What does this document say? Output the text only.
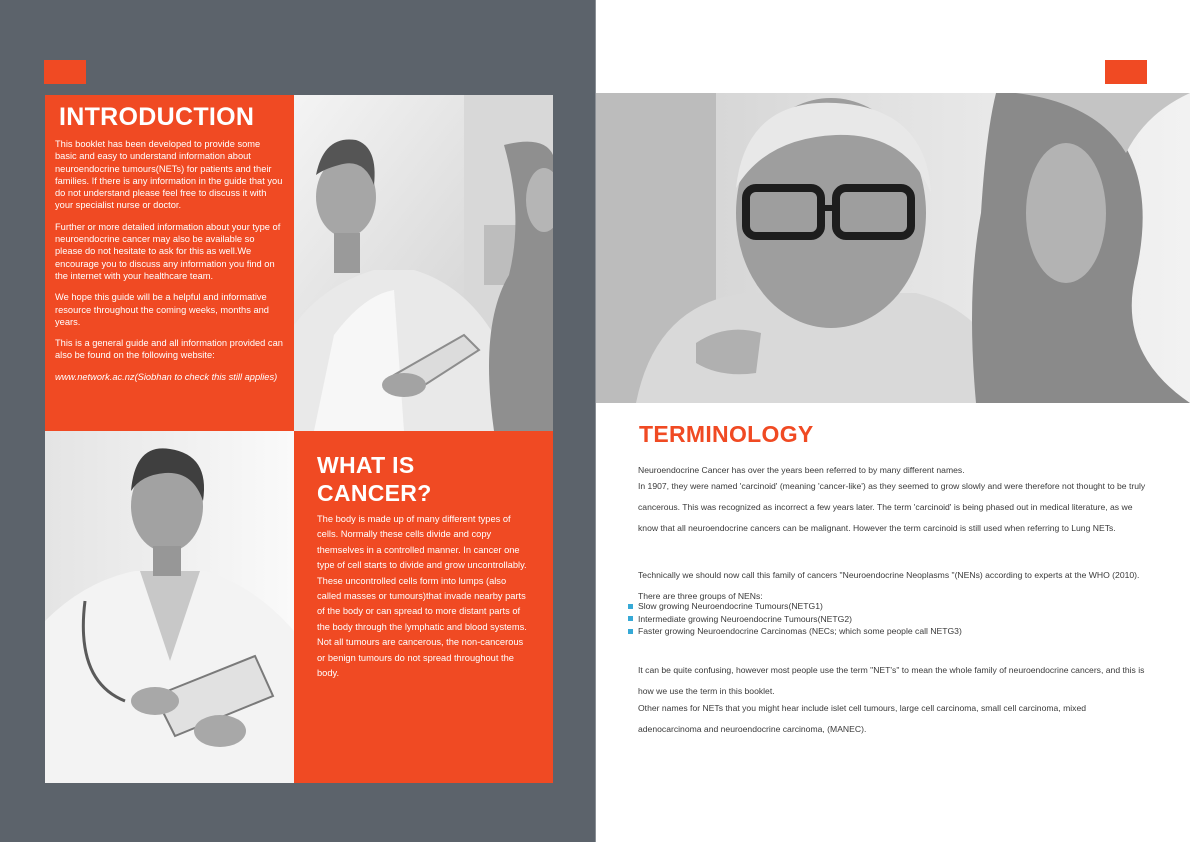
INTRODUCTION

This booklet has been developed to provide some basic and easy to understand information about neuroendocrine tumours(NETs) for patients and their families. If there is any information in the guide that you do not understand please feel free to discuss it with your specialist nurse or doctor.

Further or more detailed information about your type of neuroendocrine cancer may also be available so please do not hesitate to ask for this as well.We encourage you to discuss any information you find on the internet with your healthcare team.

We hope this guide will be a helpful and informative resource throughout the coming weeks, months and years.

This is a general guide and all information provided can also be found on the following website:

www.network.ac.nz(Siobhan to check this still applies)

WHAT IS CANCER?

The body is made up of many different types of cells. Normally these cells divide and copy themselves in a controlled manner. In cancer one type of cell starts to divide and grow uncontrollably. These uncontrolled cells form into lumps (also called masses or tumours)that invade nearby parts of the body or can spread to more distant parts of the body through the lymphatic and blood systems. Not all tumours are cancerous, the non-cancerous or benign tumours do not spread throughout the body.

TERMINOLOGY

Neuroendocrine Cancer has over the years been referred to by many different names.

In 1907, they were named 'carcinoid' (meaning 'cancer-like') as they seemed to grow slowly and were therefore not thought to be truly cancerous. This was recognized as incorrect a few years later. The term 'carcinoid' is being phased out in medical literature, as we know that all neuroendocrine cancers can be malignant. However the term carcinoid is still used when referring to Lung NETs.

Technically we should now call this family of cancers "Neuroendocrine Neoplasms "(NENs) according to experts at the WHO (2010). There are three groups of NENs:

Slow growing Neuroendocrine Tumours(NETG1)
Intermediate growing Neuroendocrine Tumours(NETG2)
Faster growing Neuroendocrine Carcinomas (NECs; which some people call NETG3)

It can be quite confusing, however most people use the term "NET's" to mean the whole family of neuroendocrine cancers, and this is how we use the term in this booklet.

Other names for NETs that you might hear include islet cell tumours, large cell carcinoma, small cell carcinoma, mixed adenocarcinoma and neuroendocrine carcinoma, (MANEC).
